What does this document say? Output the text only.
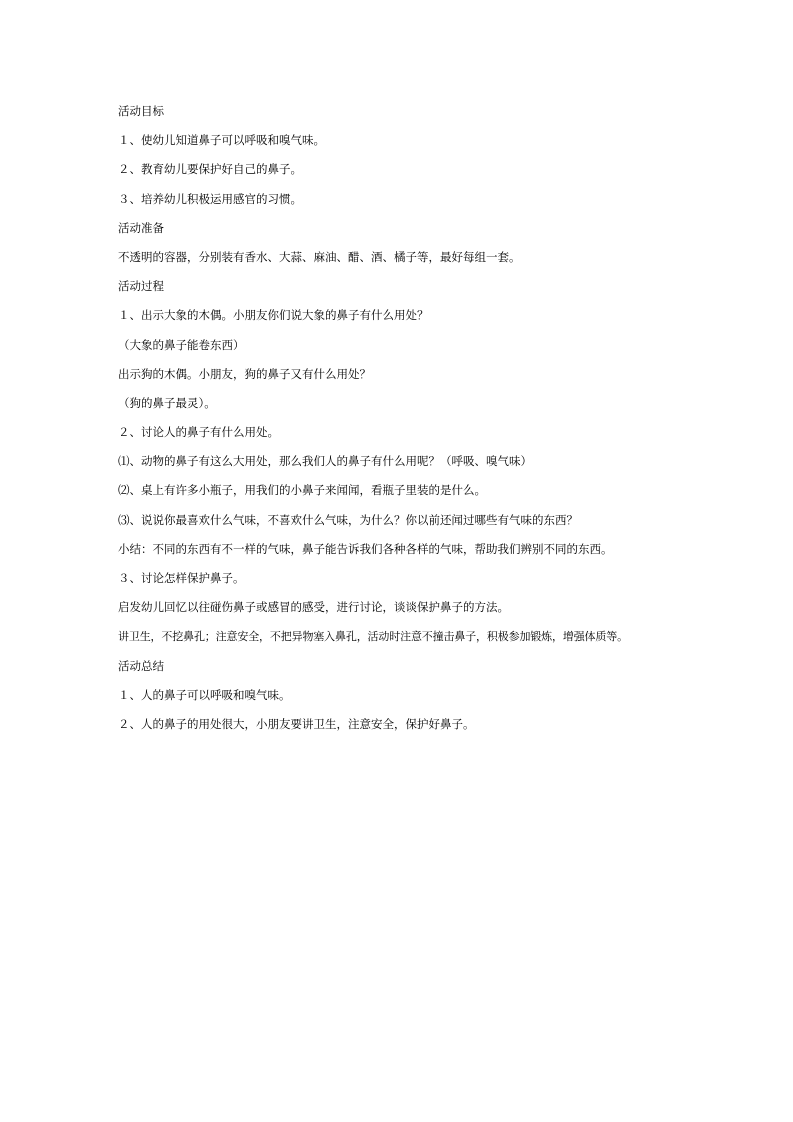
活动目标
１、使幼儿知道鼻子可以呼吸和嗅气味。
２、教育幼儿要保护好自己的鼻子。
３、培养幼儿积极运用感官的习惯。
活动准备
不透明的容器，分别装有香水、大蒜、麻油、醋、酒、橘子等，最好每组一套。
活动过程
１、出示大象的木偶。小朋友你们说大象的鼻子有什么用处？
（大象的鼻子能卷东西）
出示狗的木偶。小朋友，狗的鼻子又有什么用处？
（狗的鼻子最灵）。
２、讨论人的鼻子有什么用处。
⑴、动物的鼻子有这么大用处，那么我们人的鼻子有什么用呢？（呼吸、嗅气味）
⑵、桌上有许多小瓶子，用我们的小鼻子来闻闻，看瓶子里装的是什么。
⑶、说说你最喜欢什么气味，不喜欢什么气味，为什么？你以前还闻过哪些有气味的东西？
小结：不同的东西有不一样的气味，鼻子能告诉我们各种各样的气味，帮助我们辨别不同的东西。
３、讨论怎样保护鼻子。
启发幼儿回忆以往碰伤鼻子或感冒的感受，进行讨论，谈谈保护鼻子的方法。
讲卫生，不挖鼻孔；注意安全，不把异物塞入鼻孔，活动时注意不撞击鼻子，积极参加锻炼，增强体质等。
活动总结
１、人的鼻子可以呼吸和嗅气味。
２、人的鼻子的用处很大，小朋友要讲卫生，注意安全，保护好鼻子。
